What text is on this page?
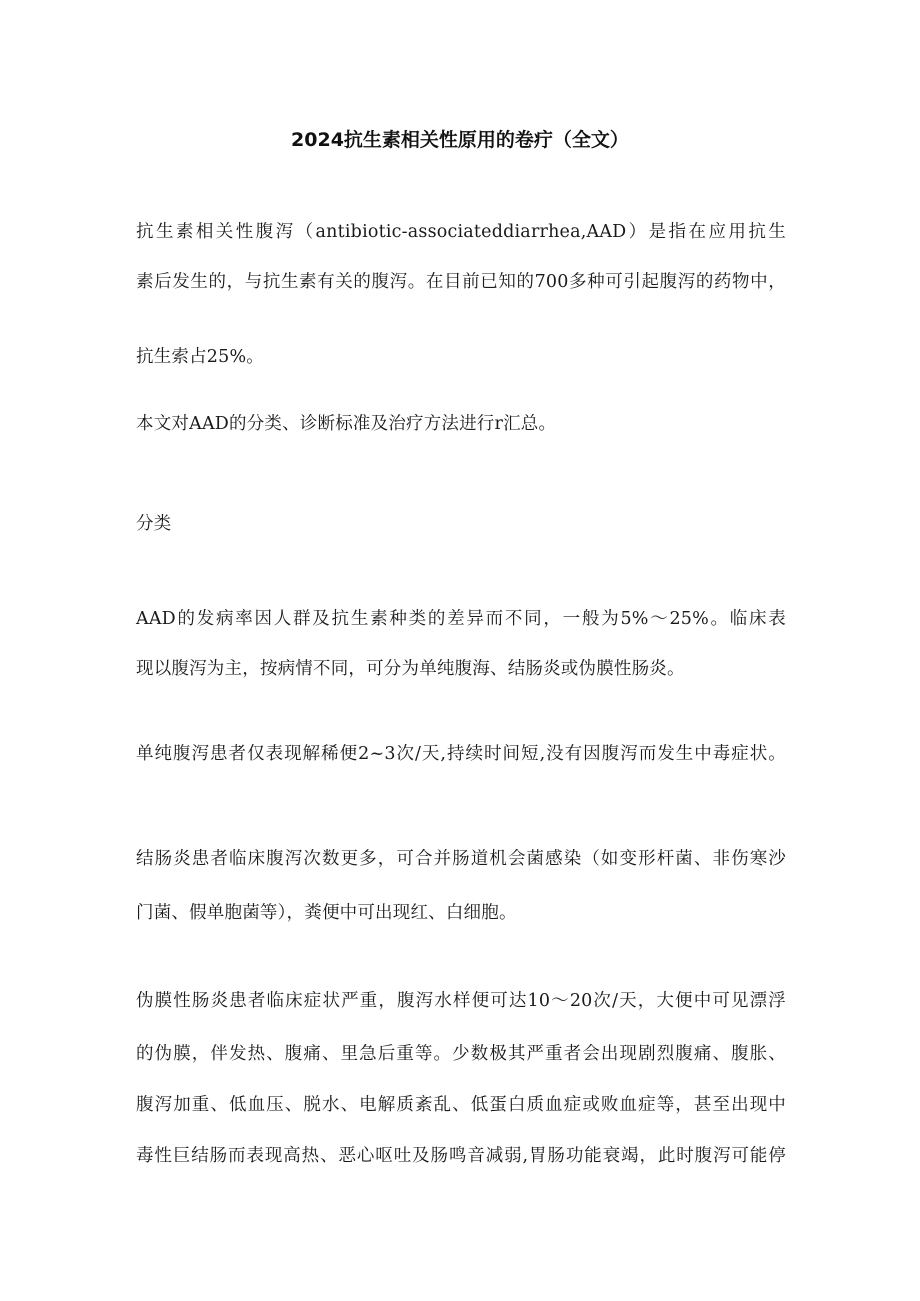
2024抗生素相关性原用的卷疔（全文）
抗生素相关性腹泻（antibiotic-associateddiarrhea,AAD）是指在应用抗生
素后发生的，与抗生素有关的腹泻。在目前已知的700多种可引起腹泻的药物中，
抗生索占25%。
本文对AAD的分类、诊断标准及治疗方法进行r汇总。
分类
AAD的发病率因人群及抗生素种类的差异而不同，一般为5%～25%。临床表
现以腹泻为主，按病情不同，可分为单纯腹海、结肠炎或伪膜性肠炎。
单纯腹泻患者仅表现解稀便2~3次/天,持续时间短,没有因腹泻而发生中毒症状。
结肠炎患者临床腹泻次数更多，可合并肠道机会菌感染（如变形杆菌、非伤寒沙
门菌、假单胞菌等），粪便中可出现红、白细胞。
伪膜性肠炎患者临床症状严重，腹泻水样便可达10～20次/天，大便中可见漂浮
的伪膜，伴发热、腹痛、里急后重等。少数极其严重者会出现剧烈腹痛、腹胀、
腹泻加重、低血压、脱水、电解质紊乱、低蛋白质血症或败血症等，甚至出现中
毒性巨结肠而表现高热、恶心呕吐及肠鸣音减弱,胃肠功能衰竭，此时腹泻可能停
